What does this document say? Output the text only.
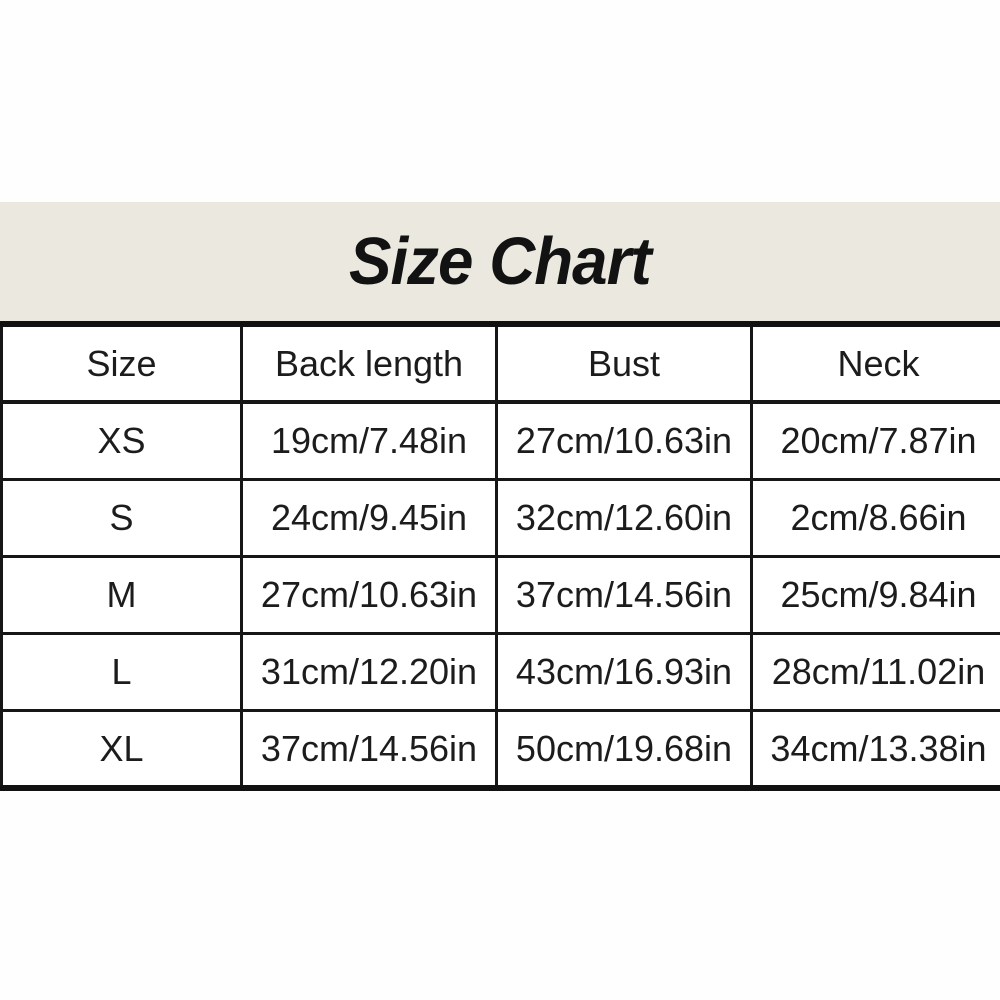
Size Chart
Size	Back length	Bust	Neck
XS	19cm/7.48in	27cm/10.63in	20cm/7.87in
S	24cm/9.45in	32cm/12.60in	2cm/8.66in
M	27cm/10.63in	37cm/14.56in	25cm/9.84in
L	31cm/12.20in	43cm/16.93in	28cm/11.02in
XL	37cm/14.56in	50cm/19.68in	34cm/13.38in
